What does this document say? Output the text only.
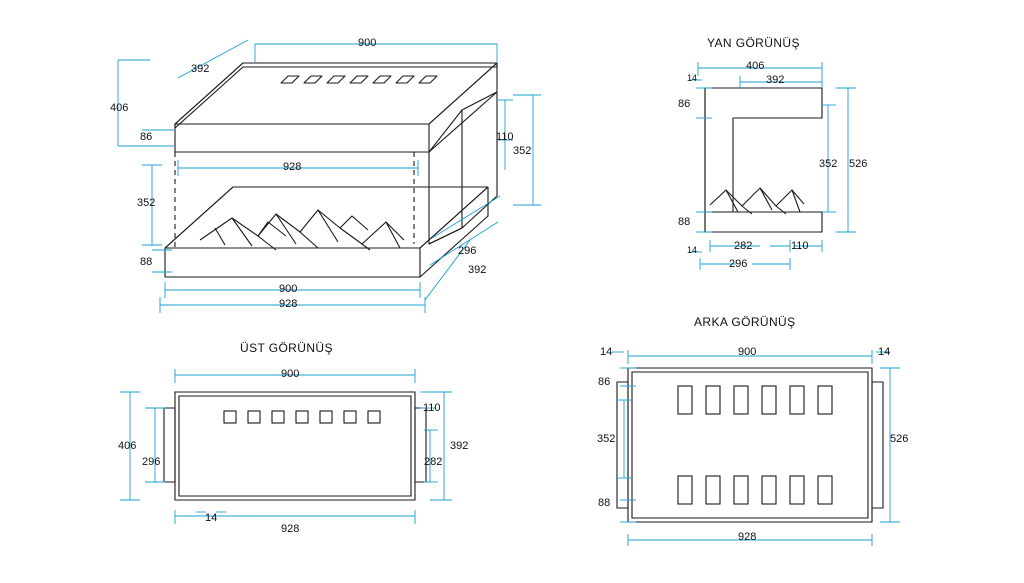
900
392
406
86	110
352
928
352
88
296
392
900
928
YAN GÖRÜNÜŞ
406
392
14
86
352 526
88
282	110
14
296
ÜST GÖRÜNÜŞ
900
110
392
406
296	282
14
928
ARKA GÖRÜNÜŞ
14	900	14
86
352	526
88
928
